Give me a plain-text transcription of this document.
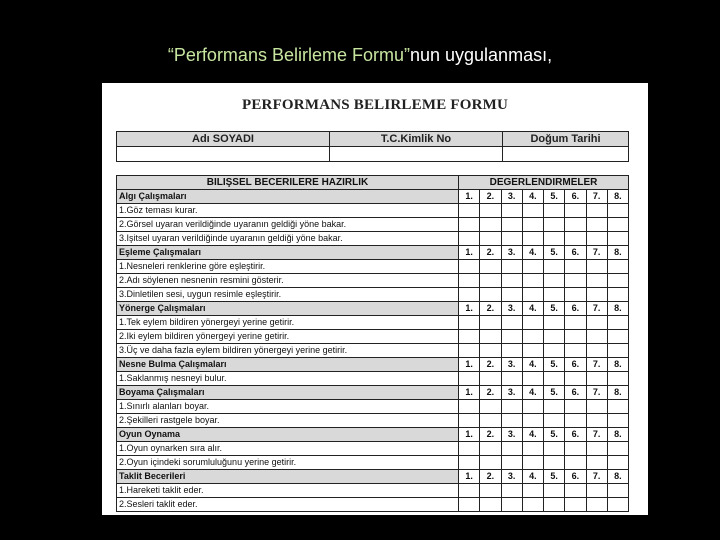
“Performans Belirleme Formu”nun uygulanması,
PERFORMANS BELIRLEME FORMU
Adı SOYADI	T.C.Kimlik No	Doğum Tarihi

BILIŞSEL BECERILERE HAZIRLIK	DEGERLENDIRMELER							
Algı Çalışmaları	1.	2.	3.	4.	5.	6.	7.	8.
1.Göz teması kurar.								
2.Görsel uyaran verildiğinde uyaranın geldiği yöne bakar.								
3.Işitsel uyaran verildiğinde uyaranın geldiği yöne bakar.								
Eşleme Çalışmaları	1.	2.	3.	4.	5.	6.	7.	8.
1.Nesneleri renklerine göre eşleştirir.								
2.Adı söylenen nesnenin resmini gösterir.								
3.Dinletilen sesi, uygun resimle eşleştirir.								
Yönerge Çalışmaları	1.	2.	3.	4.	5.	6.	7.	8.
1.Tek eylem bildiren yönergeyi yerine getirir.								
2.Iki eylem bildiren yönergeyi yerine getirir.								
3.Üç ve daha fazla eylem bildiren yönergeyi yerine getirir.								
Nesne Bulma Çalışmaları	1.	2.	3.	4.	5.	6.	7.	8.
1.Saklanmış nesneyi bulur.								
Boyama Çalışmaları	1.	2.	3.	4.	5.	6.	7.	8.
1.Sınırlı alanları boyar.								
2.Şekilleri rastgele boyar.								
Oyun Oynama	1.	2.	3.	4.	5.	6.	7.	8.
1.Oyun oynarken sıra alır.								
2.Oyun içindeki sorumluluğunu yerine getirir.								
Taklit Becerileri	1.	2.	3.	4.	5.	6.	7.	8.
1.Hareketi taklit eder.								
2.Sesleri taklit eder.								
